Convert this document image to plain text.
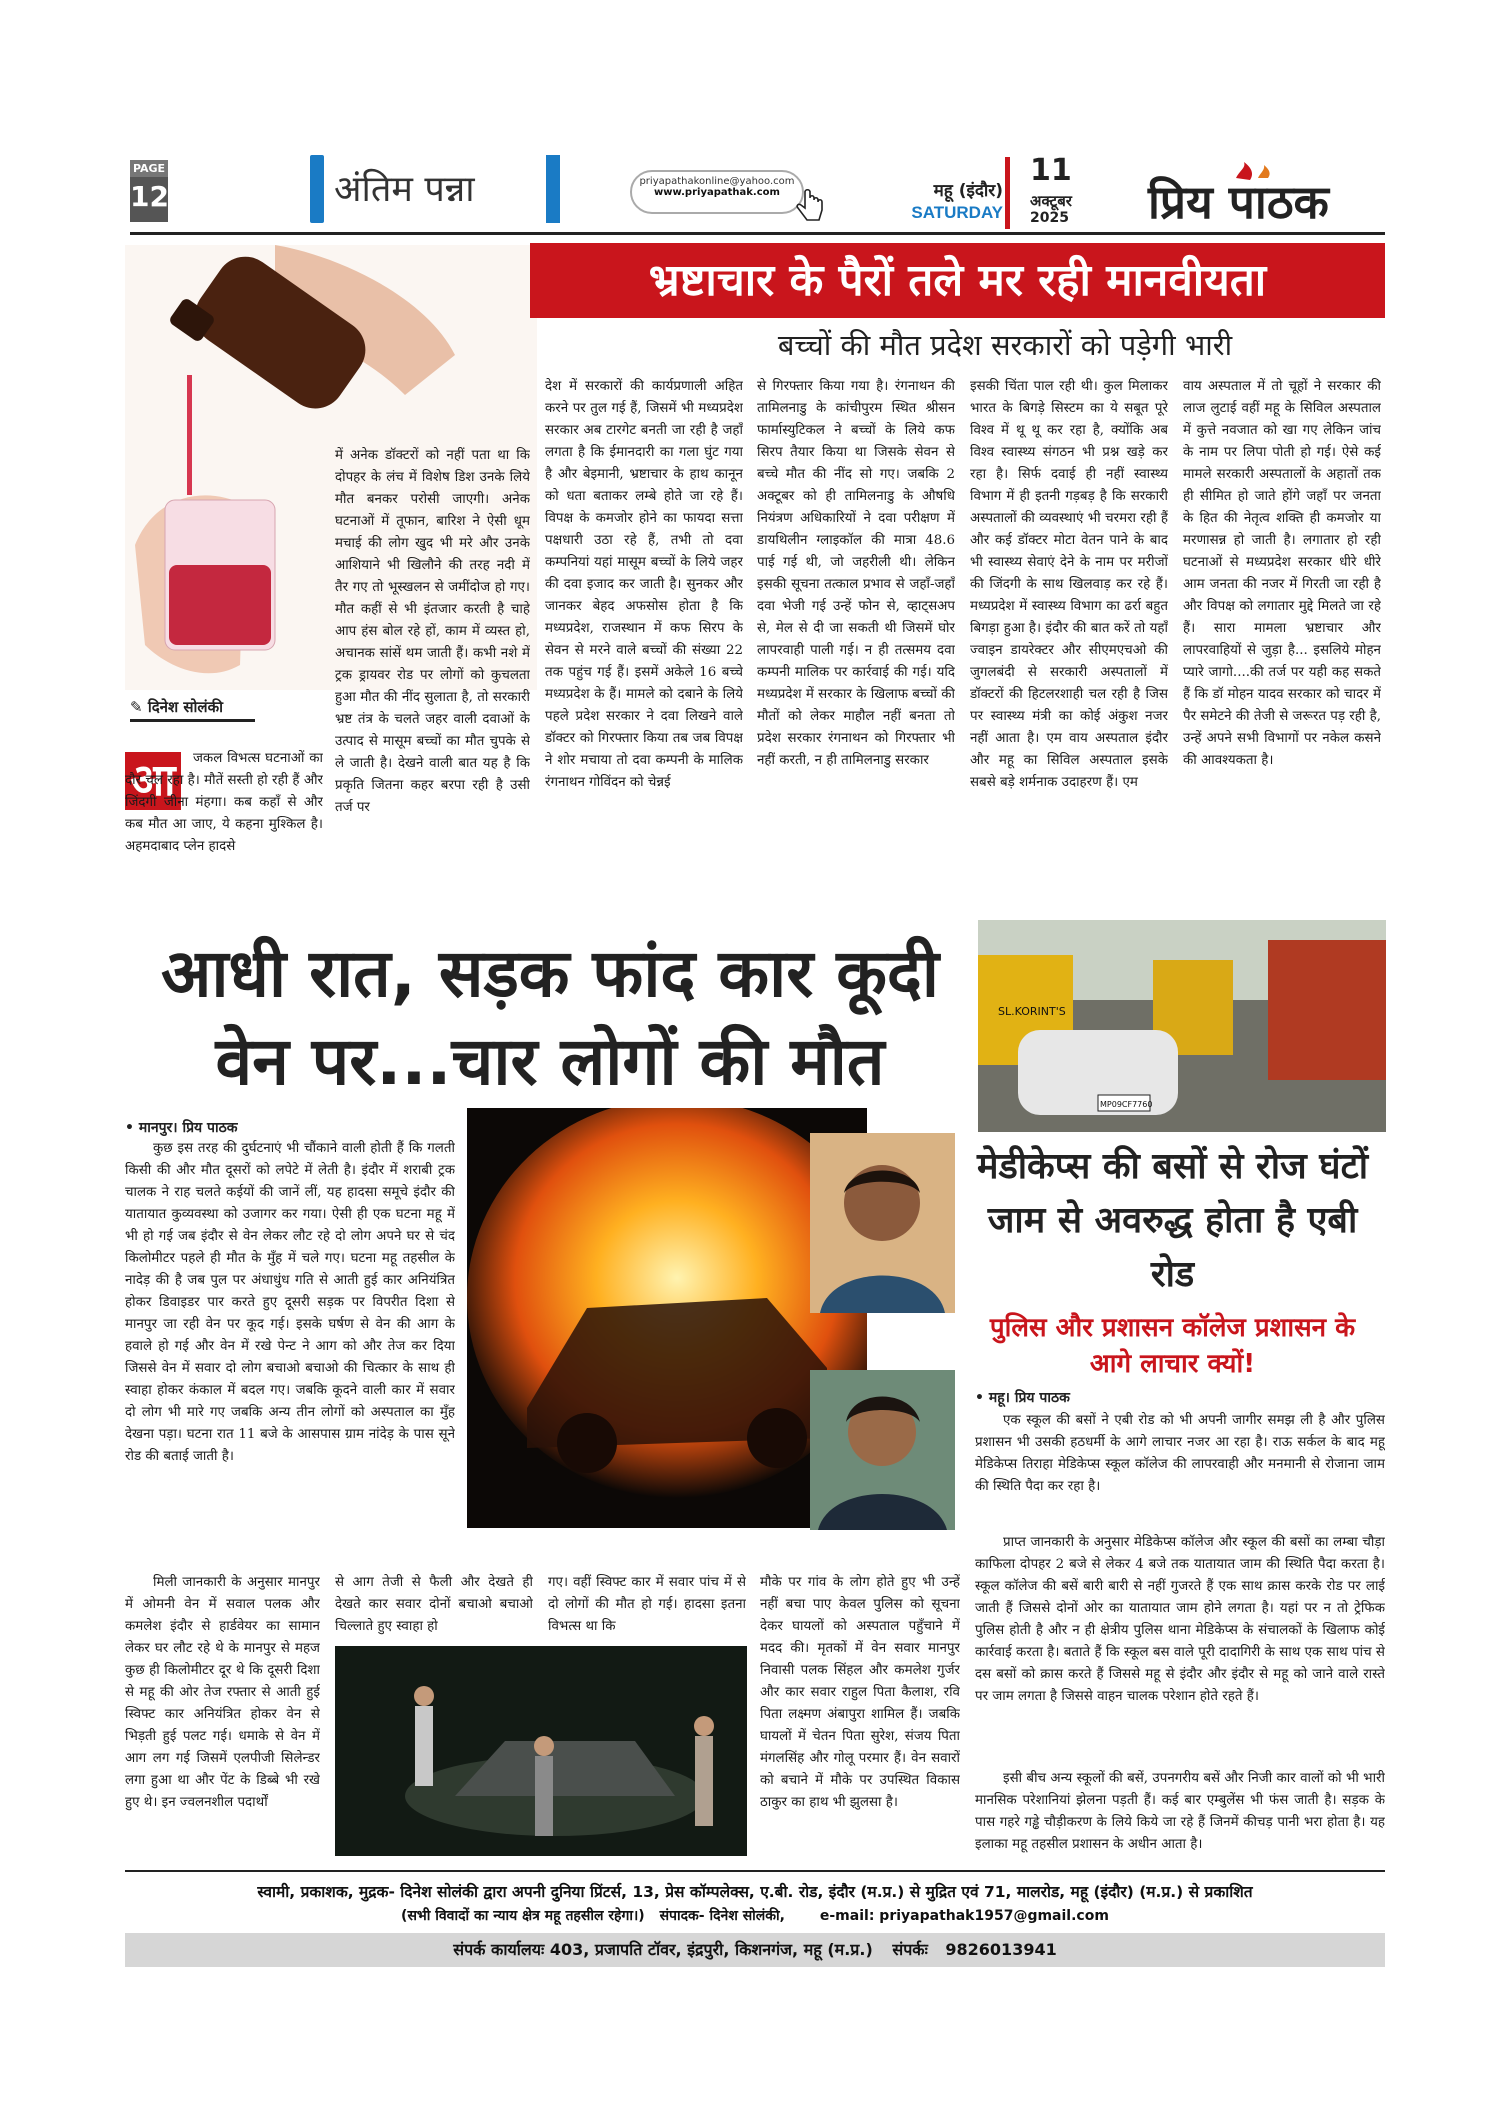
PAGE
12	अंतिम पन्ना	priyapathakonline@yahoo.com
www.priyapathak.com	महू (इंदौर)
SATURDAY
11
अक्टूबर
2025 प्रिय पाठक
✎ दिनेश सोलंकी
भ्रष्टाचार के पैरों तले मर रही मानवीयता
बच्चों की मौत प्रदेश सरकारों को पड़ेगी भारी
आ	जकल विभत्स घटनाओं का दौर चल रहा है। मौतें सस्ती हो रही हैं और जिंदगी जीना मंहगा। कब कहाँ से और कब मौत आ जाए, ये कहना मुश्किल है। अहमदाबाद प्लेन हादसे
में अनेक डॉक्टरों को नहीं पता था कि दोपहर के लंच में विशेष डिश उनके लिये मौत बनकर परोसी जाएगी। अनेक घटनाओं में तूफान, बारिश ने ऐसी धूम मचाई की लोग खुद भी मरे और उनके आशियाने भी खिलौने की तरह नदी में तैर गए तो भूस्खलन से जमींदोज हो गए। मौत कहीं से भी इंतजार करती है चाहे आप हंस बोल रहे हों, काम में व्यस्त हो, अचानक सांसें थम जाती हैं। कभी नशे में ट्रक ड्रायवर रोड पर लोगों को कुचलता हुआ मौत की नींद सुलाता है, तो सरकारी भ्रष्ट तंत्र के चलते जहर वाली दवाओं के उत्पाद से मासूम बच्चों का मौत चुपके से ले जाती है। देखने वाली बात यह है कि प्रकृति जितना कहर बरपा रही है उसी तर्ज पर
देश में सरकारों की कार्यप्रणाली अहित करने पर तुल गई हैं, जिसमें भी मध्यप्रदेश सरकार अब टारगेट बनती जा रही है जहाँ लगता है कि ईमानदारी का गला घुंट गया है और बेइमानी, भ्रष्टाचार के हाथ कानून को धता बताकर लम्बे होते जा रहे हैं। विपक्ष के कमजोर होने का फायदा सत्ता पक्षधारी उठा रहे हैं, तभी तो दवा कम्पनियां यहां मासूम बच्चों के लिये जहर की दवा इजाद कर जाती है। सुनकर और जानकर बेहद अफसोस होता है कि मध्यप्रदेश, राजस्थान में कफ सिरप के सेवन से मरने वाले बच्चों की संख्या 22 तक पहुंच गई हैं। इसमें अकेले 16 बच्चे मध्यप्रदेश के हैं। मामले को दबाने के लिये पहले प्रदेश सरकार ने दवा लिखने वाले डॉक्टर को गिरफ्तार किया तब जब विपक्ष ने शोर मचाया तो दवा कम्पनी के मालिक रंगनाथन गोविंदन को चेन्नई
से गिरफ्तार किया गया है। रंगनाथन की तामिलनाडु के कांचीपुरम स्थित श्रीसन फार्मास्युटिकल ने बच्चों के लिये कफ सिरप तैयार किया था जिसके सेवन से बच्चे मौत की नींद सो गए। जबकि 2 अक्टूबर को ही तामिलनाडु के औषधि नियंत्रण अधिकारियों ने दवा परीक्षण में डायथिलीन ग्लाइकॉल की मात्रा 48.6 पाई गई थी, जो जहरीली थी। लेकिन इसकी सूचना तत्काल प्रभाव से जहाँ-जहाँ दवा भेजी गई उन्हें फोन से, व्हाट्सअप से, मेल से दी जा सकती थी जिसमें घोर लापरवाही पाली गई। न ही तत्समय दवा कम्पनी मालिक पर कार्रवाई की गई। यदि मध्यप्रदेश में सरकार के खिलाफ बच्चों की मौतों को लेकर माहौल नहीं बनता तो प्रदेश सरकार रंगनाथन को गिरफ्तार भी नहीं करती, न ही तामिलनाडु सरकार
इसकी चिंता पाल रही थी। कुल मिलाकर भारत के बिगड़े सिस्टम का ये सबूत पूरे विश्व में थू थू कर रहा है, क्योंकि अब विश्व स्वास्थ्य संगठन भी प्रश्न खड़े कर रहा है। सिर्फ दवाई ही नहीं स्वास्थ्य विभाग में ही इतनी गड़बड़ है कि सरकारी अस्पतालों की व्यवस्थाएं भी चरमरा रही हैं और कई डॉक्टर मोटा वेतन पाने के बाद भी स्वास्थ्य सेवाएं देने के नाम पर मरीजों की जिंदगी के साथ खिलवाड़ कर रहे हैं। मध्यप्रदेश में स्वास्थ्य विभाग का ढर्रा बहुत बिगड़ा हुआ है। इंदौर की बात करें तो यहाँ ज्वाइन डायरेक्टर और सीएमएचओ की जुगलबंदी से सरकारी अस्पतालों में डॉक्टरों की हिटलरशाही चल रही है जिस पर स्वास्थ्य मंत्री का कोई अंकुश नजर नहीं आता है। एम वाय अस्पताल इंदौर और महू का सिविल अस्पताल इसके सबसे बड़े शर्मनाक उदाहरण हैं। एम
वाय अस्पताल में तो चूहों ने सरकार की लाज लुटाई वहीं महू के सिविल अस्पताल में कुत्ते नवजात को खा गए लेकिन जांच के नाम पर लिपा पोती हो गई। ऐसे कई मामले सरकारी अस्पतालों के अहातों तक ही सीमित हो जाते होंगे जहाँ पर जनता के हित की नेतृत्व शक्ति ही कमजोर या मरणासन्न हो जाती है। लगातार हो रही घटनाओं से मध्यप्रदेश सरकार धीरे धीरे आम जनता की नजर में गिरती जा रही है और विपक्ष को लगातार मुद्दे मिलते जा रहे हैं। सारा मामला भ्रष्टाचार और लापरवाहियों से जुड़ा है... इसलिये मोहन प्यारे जागो....की तर्ज पर यही कह सकते हैं कि डॉ मोहन यादव सरकार को चादर में पैर समेटने की तेजी से जरूरत पड़ रही है, उन्हें अपने सभी विभागों पर नकेल कसने की आवश्यकता है।
आधी रात, सड़क फांद कार कूदी
वेन पर...चार लोगों की मौत
• मानपुर। प्रिय पाठक
कुछ इस तरह की दुर्घटनाएं भी चौंकाने वाली होती हैं कि गलती किसी की और मौत दूसरों को लपेटे में लेती है। इंदौर में शराबी ट्रक चालक ने राह चलते कईयों की जानें लीं, यह हादसा समूचे इंदौर की यातायात कुव्यवस्था को उजागर कर गया। ऐसी ही एक घटना महू में भी हो गई जब इंदौर से वेन लेकर लौट रहे दो लोग अपने घर से चंद किलोमीटर पहले ही मौत के मुँह में चले गए। घटना महू तहसील के नादेड़ की है जब पुल पर अंधाधुंध गति से आती हुई कार अनियंत्रित होकर डिवाइडर पार करते हुए दूसरी सड़क पर विपरीत दिशा से मानपुर जा रही वेन पर कूद गई। इसके घर्षण से वेन की आग के हवाले हो गई और वेन में रखे पेन्ट ने आग को और तेज कर दिया जिससे वेन में सवार दो लोग बचाओ बचाओ की चित्कार के साथ ही स्वाहा होकर कंकाल में बदल गए। जबकि कूदने वाली कार में सवार दो लोग भी मारे गए जबकि अन्य तीन लोगों को अस्पताल का मुँह देखना पड़ा। घटना रात 11 बजे के आसपास ग्राम नांदेड़ के पास सूने रोड की बताई जाती है।
मिली जानकारी के अनुसार मानपुर में ओमनी वेन में सवाल पलक और कमलेश इंदौर से हार्डवेयर का सामान लेकर घर लौट रहे थे के मानपुर से महज कुछ ही किलोमीटर दूर थे कि दूसरी दिशा से महू की ओर तेज रफ्तार से आती हुई स्विफ्ट कार अनियंत्रित होकर वेन से भिड़ती हुई पलट गई। धमाके से वेन में आग लग गई जिसमें एलपीजी सिलेन्डर लगा हुआ था और पेंट के डिब्बे भी रखे हुए थे। इन ज्वलनशील पदार्थों
से आग तेजी से फैली और देखते ही देखते कार सवार दोनों बचाओ बचाओ चिल्लाते हुए स्वाहा हो
गए। वहीं स्विफ्ट कार में सवार पांच में से दो लोगों की मौत हो गई। हादसा इतना विभत्स था कि
मौके पर गांव के लोग होते हुए भी उन्हें नहीं बचा पाए केवल पुलिस को सूचना देकर घायलों को अस्पताल पहुँचाने में मदद की। मृतकों में वेन सवार मानपुर निवासी पलक सिंहल और कमलेश गुर्जर और कार सवार राहुल पिता कैलाश, रवि पिता लक्ष्मण अंबापुरा शामिल हैं। जबकि घायलों में चेतन पिता सुरेश, संजय पिता मंगलसिंह और गोलू परमार हैं। वेन सवारों को बचाने में मौके पर उपस्थित विकास ठाकुर का हाथ भी झुलसा है।
SL.KORINT'S
MP09CF7760
मेडीकेप्स की बसों से रोज घंटों जाम से अवरुद्ध होता है एबी रोड
पुलिस और प्रशासन कॉलेज प्रशासन के आगे लाचार क्यों!
• महू। प्रिय पाठक
एक स्कूल की बसों ने एबी रोड को भी अपनी जागीर समझ ली है और पुलिस प्रशासन भी उसकी हठधर्मी के आगे लाचार नजर आ रहा है। राऊ सर्कल के बाद महू मेडिकेप्स तिराहा मेडिकेप्स स्कूल कॉलेज की लापरवाही और मनमानी से रोजाना जाम की स्थिति पैदा कर रहा है।
प्राप्त जानकारी के अनुसार मेडिकेप्स कॉलेज और स्कूल की बसों का लम्बा चौड़ा काफिला दोपहर 2 बजे से लेकर 4 बजे तक यातायात जाम की स्थिति पैदा करता है। स्कूल कॉलेज की बसें बारी बारी से नहीं गुजरते हैं एक साथ क्रास करके रोड पर लाई जाती हैं जिससे दोनों ओर का यातायात जाम होने लगता है। यहां पर न तो ट्रेफिक पुलिस होती है और न ही क्षेत्रीय पुलिस थाना मेडिकेप्स के संचालकों के खिलाफ कोई कार्रवाई करता है। बताते हैं कि स्कूल बस वाले पूरी दादागिरी के साथ एक साथ पांच से दस बसों को क्रास करते हैं जिससे महू से इंदौर और इंदौर से महू को जाने वाले रास्ते पर जाम लगता है जिससे वाहन चालक परेशान होते रहते हैं।
इसी बीच अन्य स्कूलों की बसें, उपनगरीय बसें और निजी कार वालों को भी भारी मानसिक परेशानियां झेलना पड़ती हैं। कई बार एम्बुलेंस भी फंस जाती है। सड़क के पास गहरे गड्ढे चौड़ीकरण के लिये किये जा रहे हैं जिनमें कीचड़ पानी भरा होता है। यह इलाका महू तहसील प्रशासन के अधीन आता है।
स्वामी, प्रकाशक, मुद्रक- दिनेश सोलंकी द्वारा अपनी दुनिया प्रिंटर्स, 13, प्रेस कॉम्पलेक्स, ए.बी. रोड, इंदौर (म.प्र.) से मुद्रित एवं 71, मालरोड, महू (इंदौर) (म.प्र.) से प्रकाशित
(सभी विवादों का न्याय क्षेत्र महू तहसील रहेगा।) संपादक- दिनेश सोलंकी, e-mail: priyapathak1957@gmail.com
संपर्क कार्यालयः 403, प्रजापति टॉवर, इंद्रपुरी, किशनगंज, महू (म.प्र.) संपर्कः 9826013941
